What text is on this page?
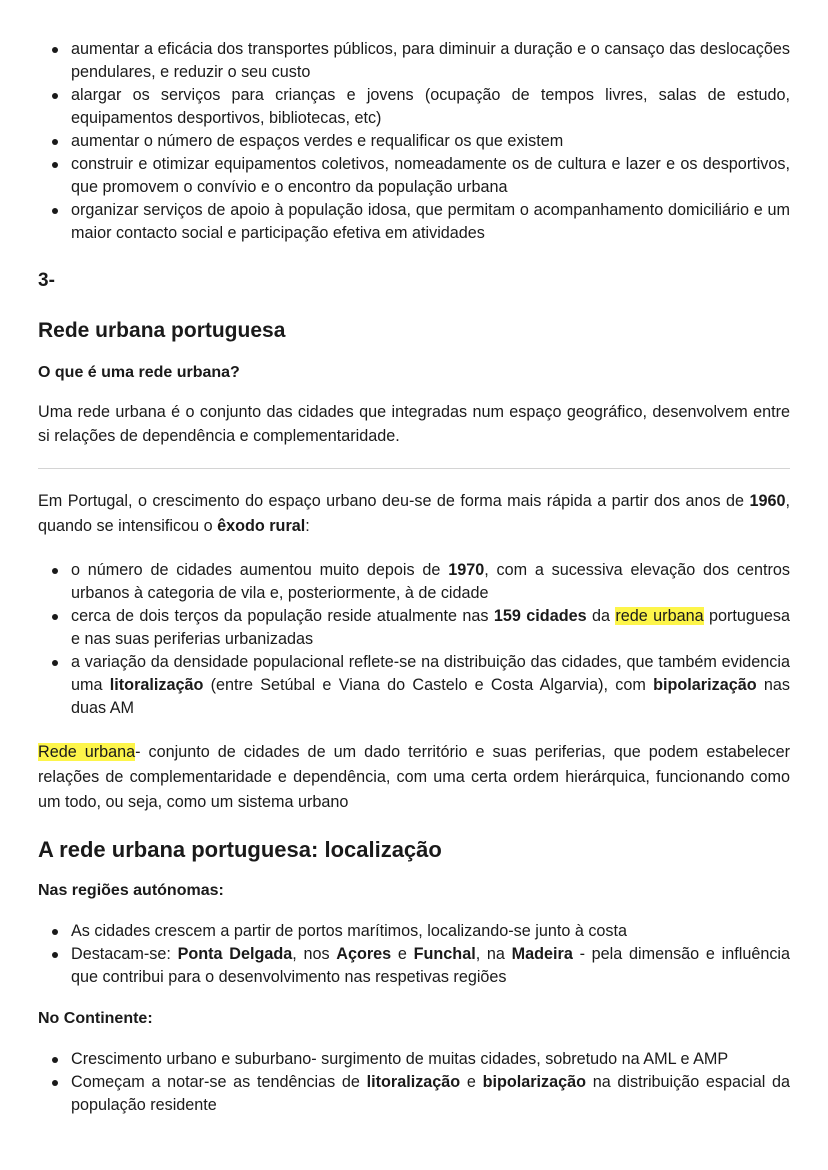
aumentar a eficácia dos transportes públicos, para diminuir a duração e o cansaço das deslocações pendulares, e reduzir o seu custo
alargar os serviços para crianças e jovens (ocupação de tempos livres, salas de estudo, equipamentos desportivos, bibliotecas, etc)
aumentar o número de espaços verdes e requalificar os que existem
construir e otimizar equipamentos coletivos, nomeadamente os de cultura e lazer e os desportivos, que promovem o convívio e o encontro da população urbana
organizar serviços de apoio à população idosa, que permitam o acompanhamento domiciliário e um maior contacto social e participação efetiva em atividades
3-
Rede urbana portuguesa
O que é uma rede urbana?

Uma rede urbana é o conjunto das cidades que integradas num espaço geográfico, desenvolvem entre si relações de dependência e complementaridade.

Em Portugal, o crescimento do espaço urbano deu-se de forma mais rápida a partir dos anos de 1960, quando se intensificou o êxodo rural:

o número de cidades aumentou muito depois de 1970, com a sucessiva elevação dos centros urbanos à categoria de vila e, posteriormente, à de cidade
cerca de dois terços da população reside atualmente nas 159 cidades da rede urbana portuguesa e nas suas periferias urbanizadas
a variação da densidade populacional reflete-se na distribuição das cidades, que também evidencia uma litoralização (entre Setúbal e Viana do Castelo e Costa Algarvia), com bipolarização nas duas AM

Rede urbana- conjunto de cidades de um dado território e suas periferias, que podem estabelecer relações de complementaridade e dependência, com uma certa ordem hierárquica, funcionando como um todo, ou seja, como um sistema urbano

A rede urbana portuguesa: localização
Nas regiões autónomas:
As cidades crescem a partir de portos marítimos, localizando-se junto à costa
Destacam-se: Ponta Delgada, nos Açores e Funchal, na Madeira - pela dimensão e influência que contribui para o desenvolvimento nas respetivas regiões
No Continente:
Crescimento urbano e suburbano- surgimento de muitas cidades, sobretudo na AML e AMP
Começam a notar-se as tendências de litoralização e bipolarização na distribuição espacial da população residente
